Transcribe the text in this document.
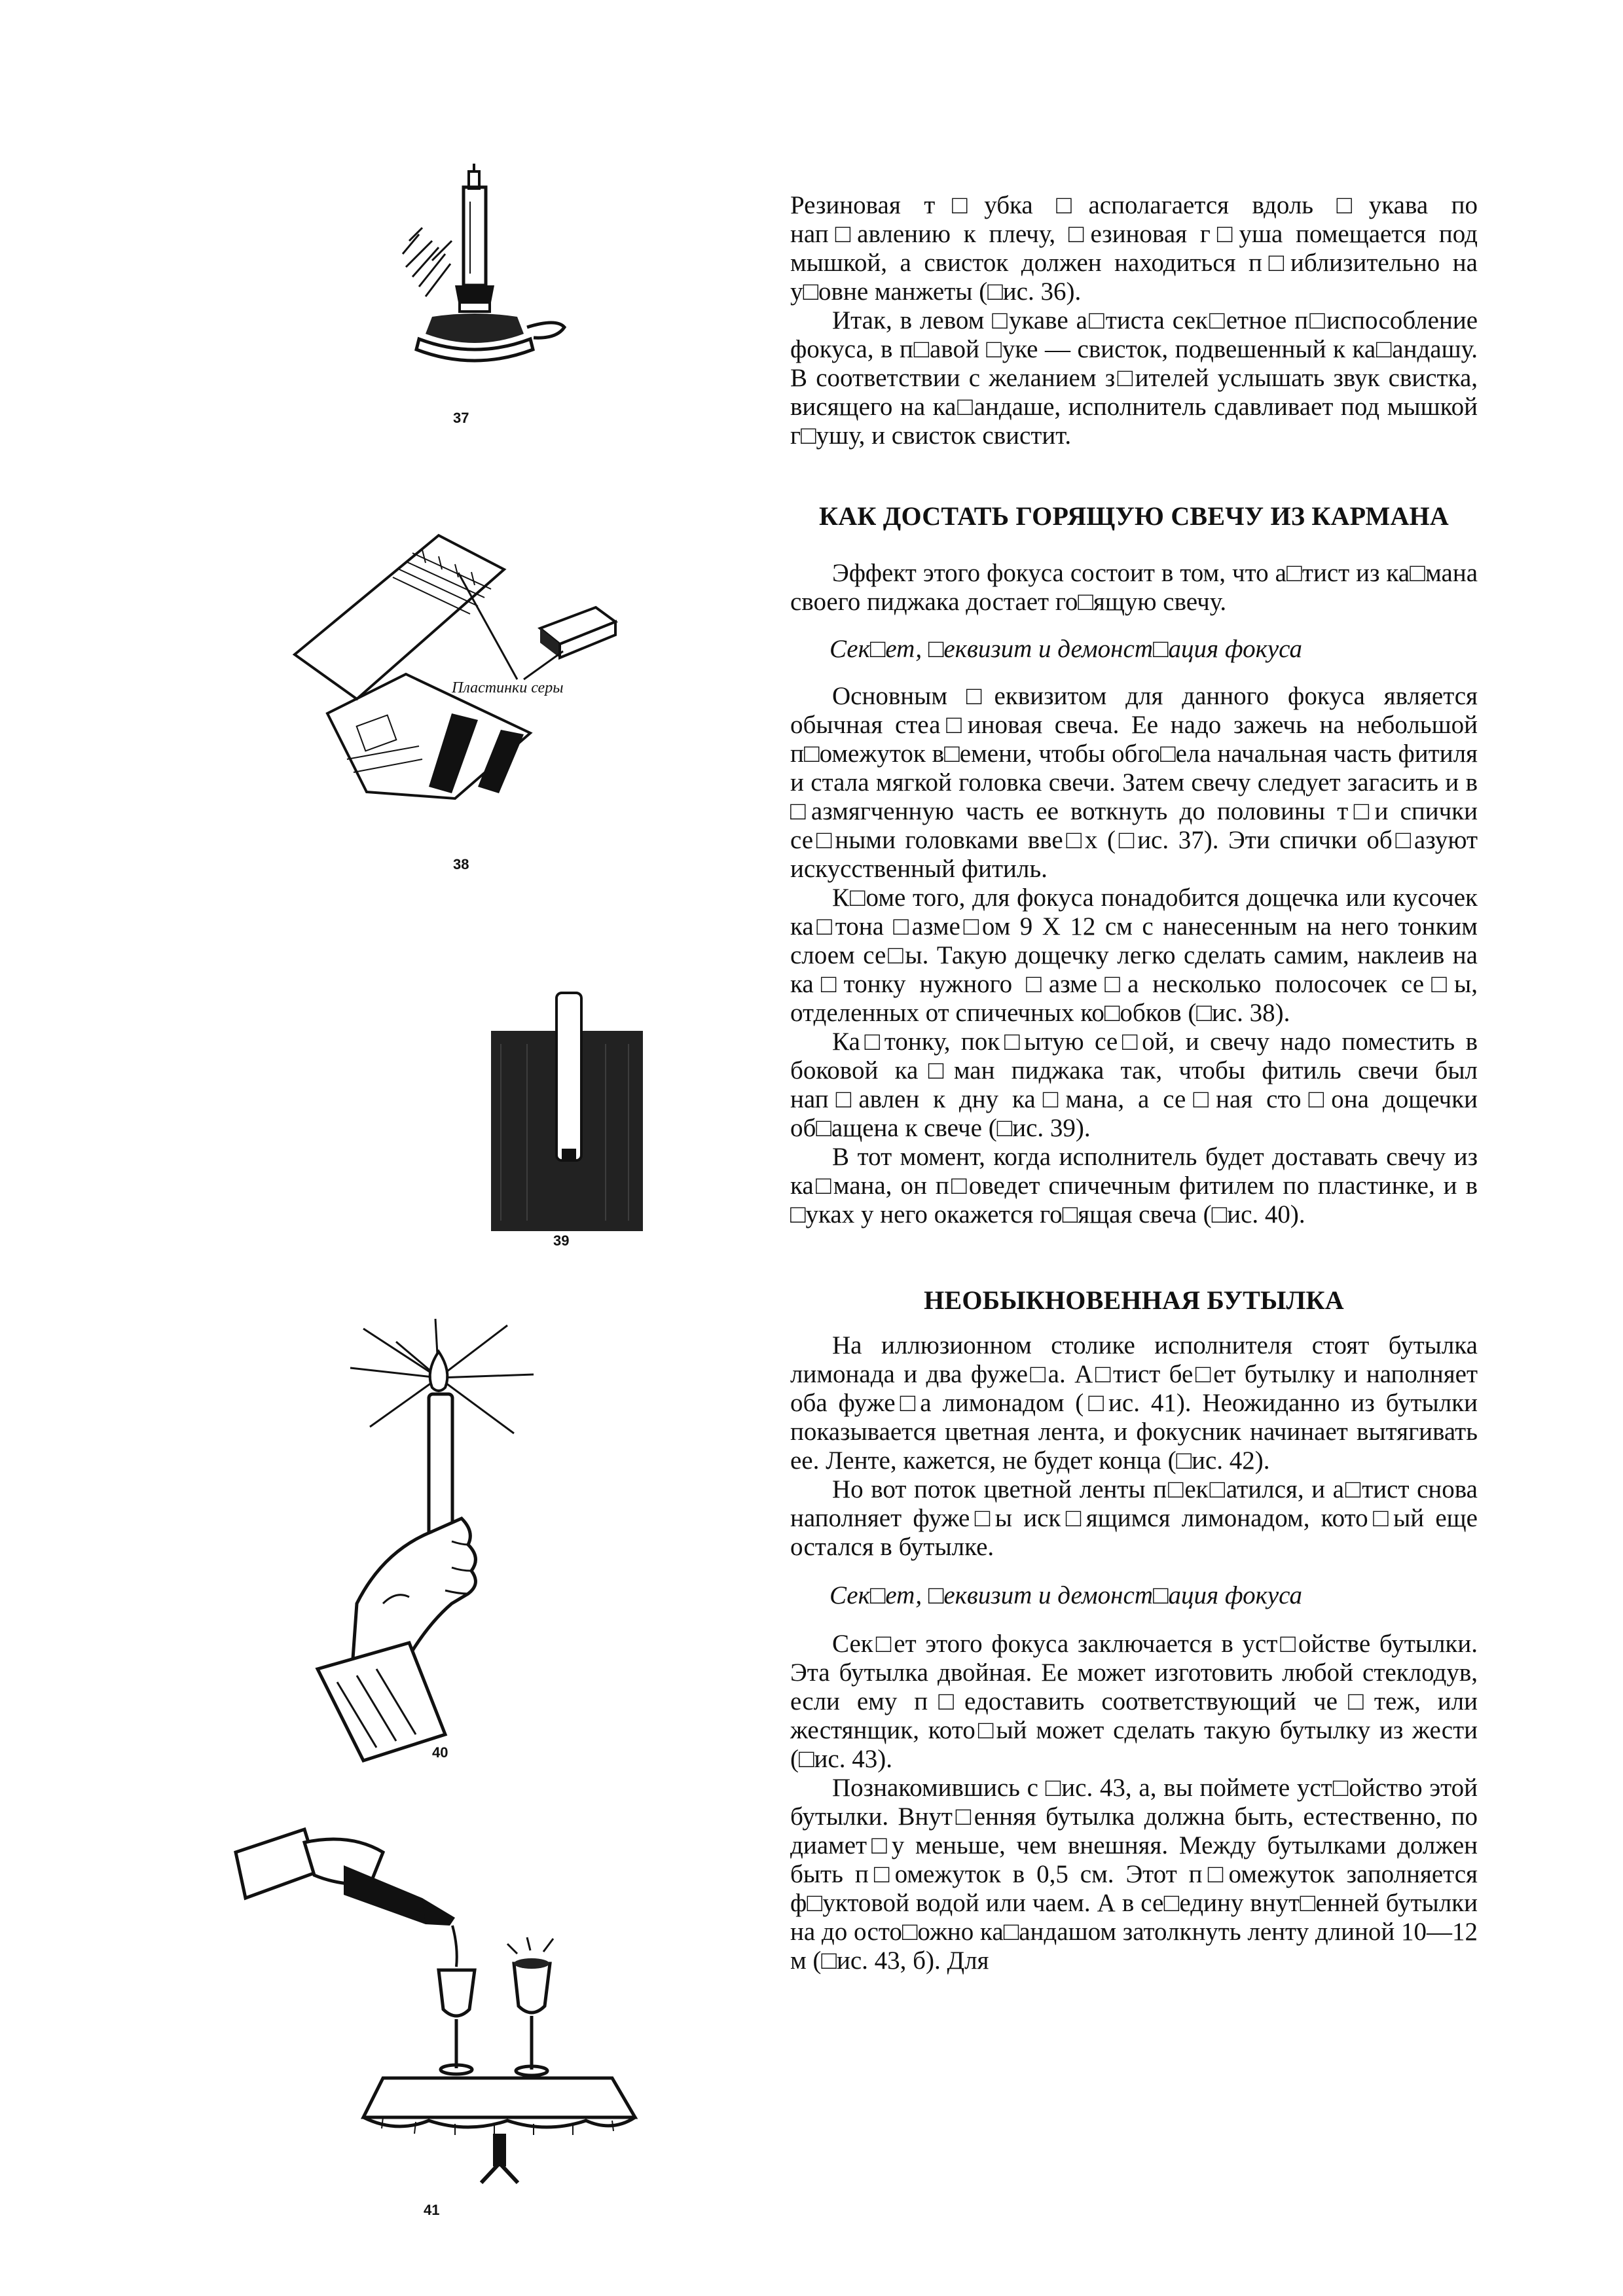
37
Пластинки серы
38
39
40
41

Резиновая т□убка □асполагается вдоль □укава по нап□авлению к плечу, □езиновая г□уша помещается под мышкой, а свисток должен находиться п□иблизительно на у□овне манжеты (□ис. 36).

Итак, в левом □укаве а□тиста сек□етное п□испособление фокуса, в п□авой □уке — свисток, подвешенный к ка□андашу. В соответствии с желанием з□ителей услышать звук свистка, висящего на ка□андаше, исполнитель сдавливает под мышкой г□ушу, и свисток свистит.

КАК ДОСТАТЬ ГОРЯЩУЮ СВЕЧУ ИЗ КАРМАНА

Эффект этого фокуса состоит в том, что а□тист из ка□мана своего пиджака достает го□ящую свечу.

Сек□ет, □еквизит и демонст□ация фокуса

Основным □еквизитом для данного фокуса является обычная стеа□иновая свеча. Ее надо зажечь на небольшой п□омежуток в□емени, чтобы обго□ела начальная часть фитиля и стала мягкой головка свечи. Затем свечу следует загасить и в □азмягченную часть ее воткнуть до половины т□и спички се□ными головками вве□х (□ис. 37). Эти спички об□азуют искусственный фитиль.

К□оме того, для фокуса понадобится дощечка или кусочек ка□тона □азме□ом 9 Х 12 см с нанесенным на него тонким слоем се□ы. Такую дощечку легко сделать самим, наклеив на ка□тонку нужного □азме□а несколько полосочек се□ы, отделенных от спичечных ко□обков (□ис. 38).

Ка□тонку, пок□ытую се□ой, и свечу надо поместить в боковой ка□ман пиджака так, чтобы фитиль свечи был нап□авлен к дну ка□мана, а се□ная сто□она дощечки об□ащена к свече (□ис. 39).

В тот момент, когда исполнитель будет доставать свечу из ка□мана, он п□оведет спичечным фитилем по пластинке, и в □уках у него окажется го□ящая свеча (□ис. 40).

НЕОБЫКНОВЕННАЯ БУТЫЛКА

На иллюзионном столике исполнителя стоят бутылка лимонада и два фуже□а. А□тист бе□ет бутылку и наполняет оба фуже□а лимонадом (□ис. 41). Неожиданно из бутылки показывается цветная лента, и фокусник начинает вытягивать ее. Ленте, кажется, не будет конца (□ис. 42).

Но вот поток цветной ленты п□ек□атился, и а□тист снова наполняет фуже□ы иск□ящимся лимонадом, кото□ый еще остался в бутылке.

Сек□ет, □еквизит и демонст□ация фокуса

Сек□ет этого фокуса заключается в уст□ойстве бутылки. Эта бутылка двойная. Ее может изготовить любой стеклодув, если ему п□едоставить соответствующий че□теж, или жестянщик, кото□ый может сделать такую бутылку из жести (□ис. 43).

Познакомившись с □ис. 43, а, вы поймете уст□ойство этой бутылки. Внут□енняя бутылка должна быть, естественно, по диамет□у меньше, чем внешняя. Между бутылками должен быть п□омежуток в 0,5 см. Этот п□омежуток заполняется ф□уктовой водой или чаем. А в се□едину внут□енней бутылки на до осто□ожно ка□андашом затолкнуть ленту длиной 10—12 м (□ис. 43, б). Для
